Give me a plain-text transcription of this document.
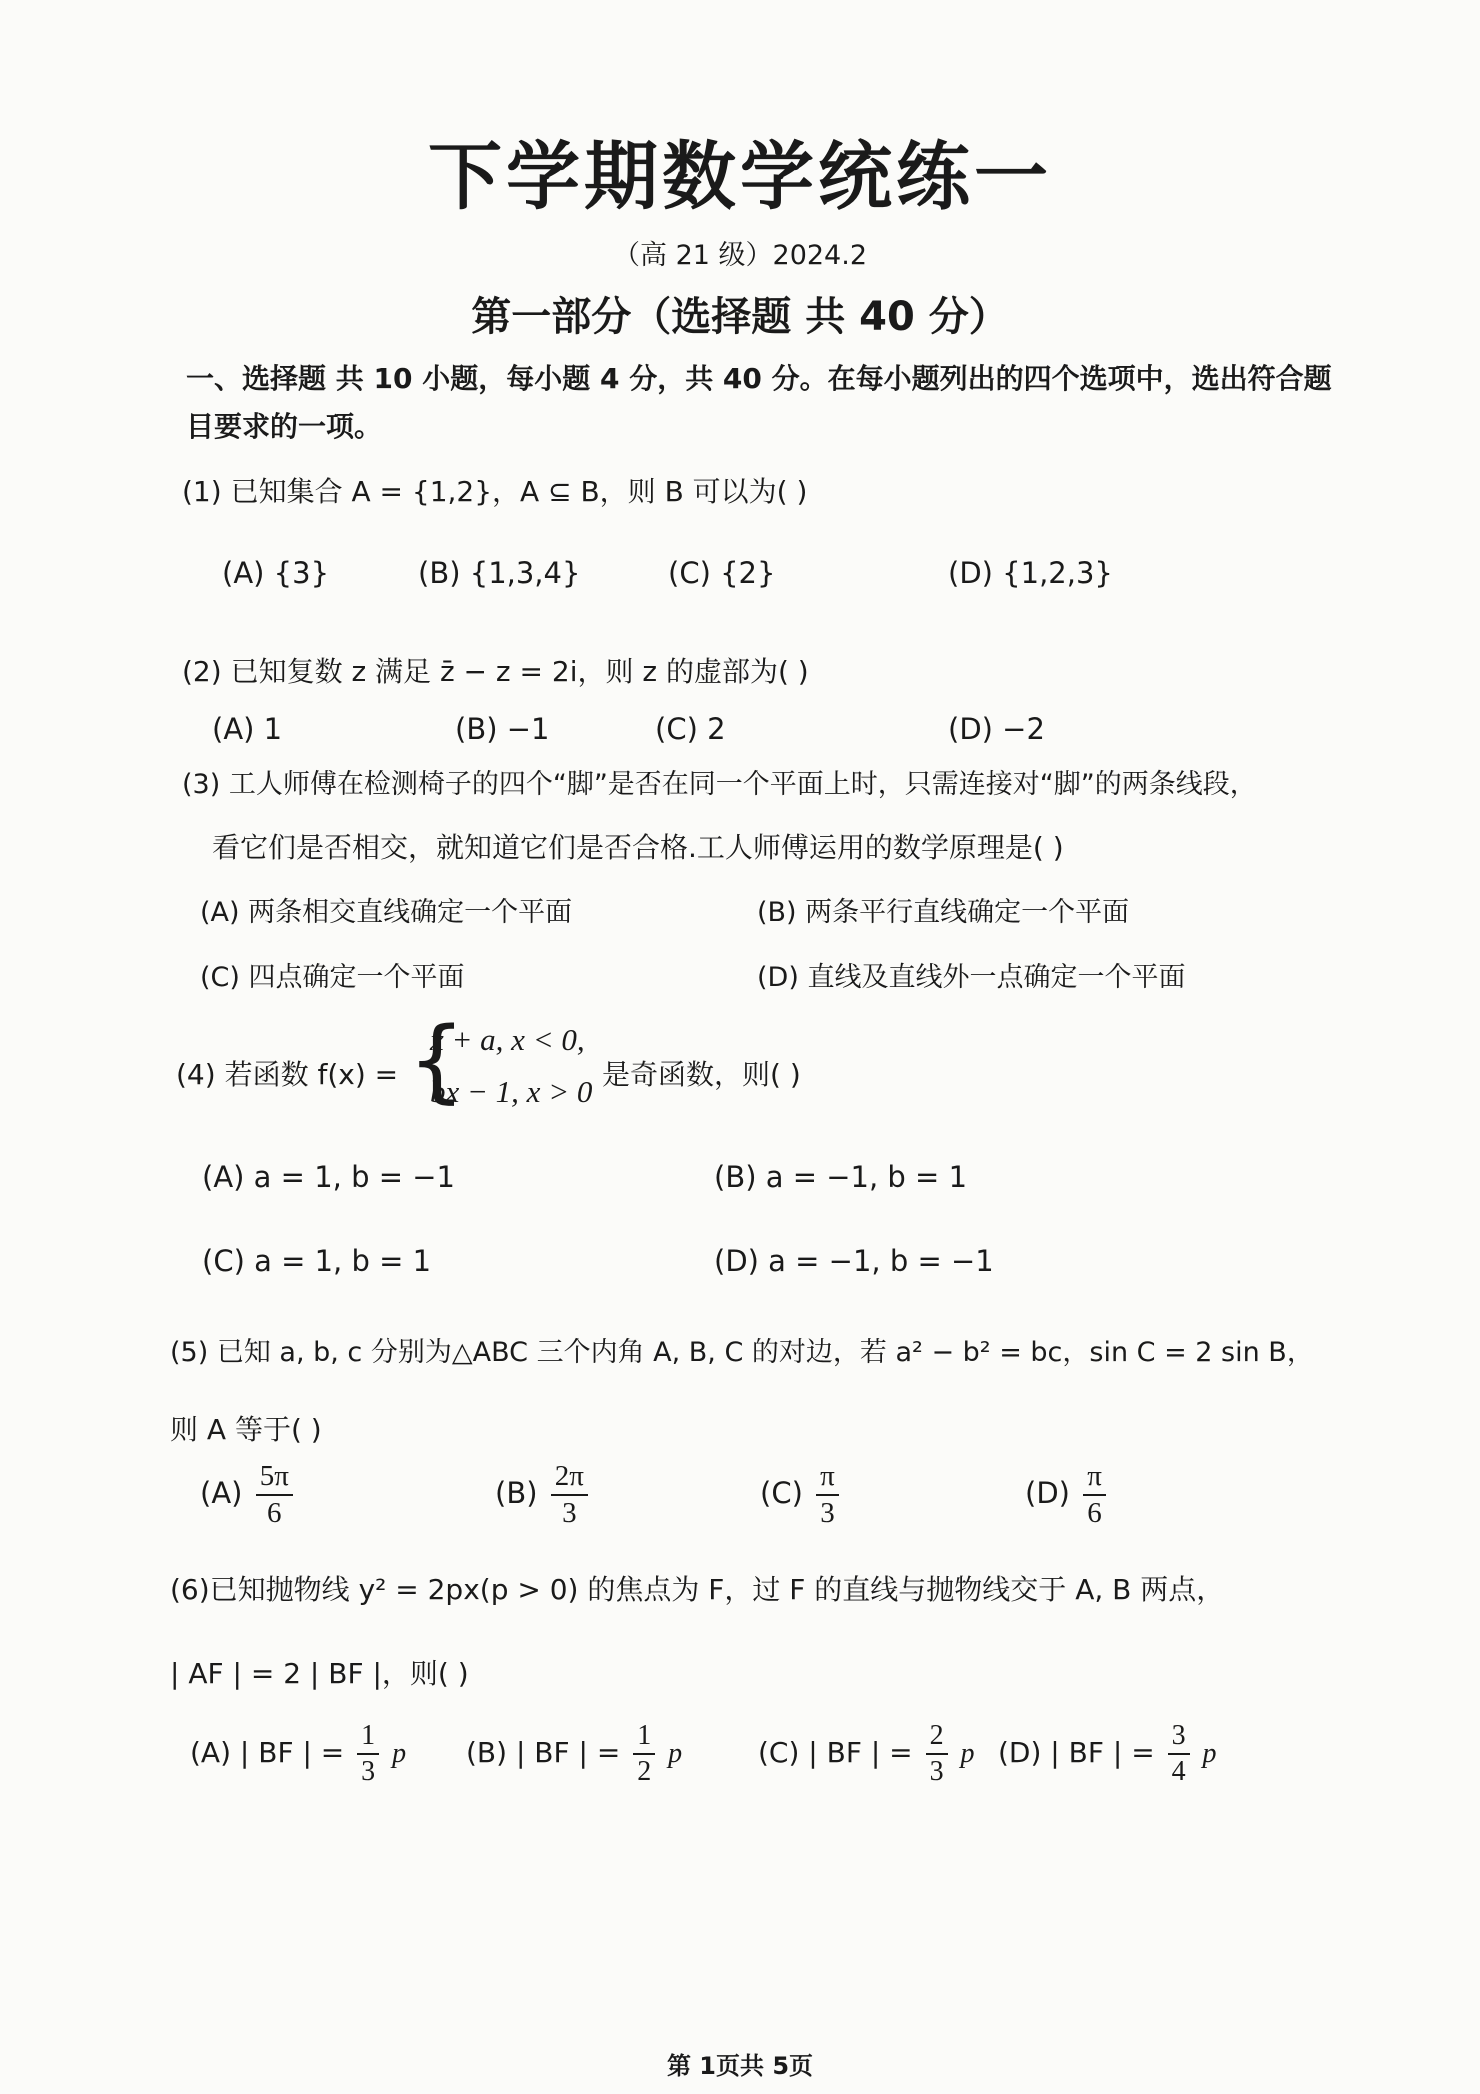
下学期数学统练一
（高 21 级）2024.2
第一部分（选择题 共 40 分）
一、选择题 共 10 小题，每小题 4 分，共 40 分。在每小题列出的四个选项中，选出符合题目要求的一项。
(1) 已知集合 A = {1,2}，A ⊆ B，则 B 可以为( )
(A) {3}	(B) {1,3,4}	(C) {2}	(D) {1,2,3}
(2) 已知复数 z 满足 z̄ − z = 2i，则 z 的虚部为( )
(A) 1	(B) −1	(C) 2	(D) −2
(3) 工人师傅在检测椅子的四个“脚”是否在同一个平面上时，只需连接对“脚”的两条线段，
看它们是否相交，就知道它们是否合格.工人师傅运用的数学原理是( )
(A) 两条相交直线确定一个平面	(B) 两条平行直线确定一个平面
(C) 四点确定一个平面	(D) 直线及直线外一点确定一个平面
(4) 若函数 f(x) = {
x + a, x < 0,
bx − 1, x > 0 是奇函数，则( )
(A) a = 1, b = −1	(B) a = −1, b = 1
(C) a = 1, b = 1	(D) a = −1, b = −1
(5) 已知 a, b, c 分别为△ABC 三个内角 A, B, C 的对边，若 a² − b² = bc，sin C = 2 sin B，
则 A 等于( )
$(A) \frac{5\pi}{6}$	$(B) \frac{2\pi}{3}$	$(C) \frac{\pi}{3}$	$(D) \frac{\pi}{6}$
(6)已知抛物线 y² = 2px(p > 0) 的焦点为 F，过 F 的直线与抛物线交于 A, B 两点，
| AF | = 2 | BF |，则( )
(A) | BF | = $\frac{1}{3}$ p (B) | BF | = $\frac{1}{2}$ p	(C) | BF | = $\frac{2}{3}$ p (D) | BF | = $\frac{3}{4}$ p
第 1页共 5页
